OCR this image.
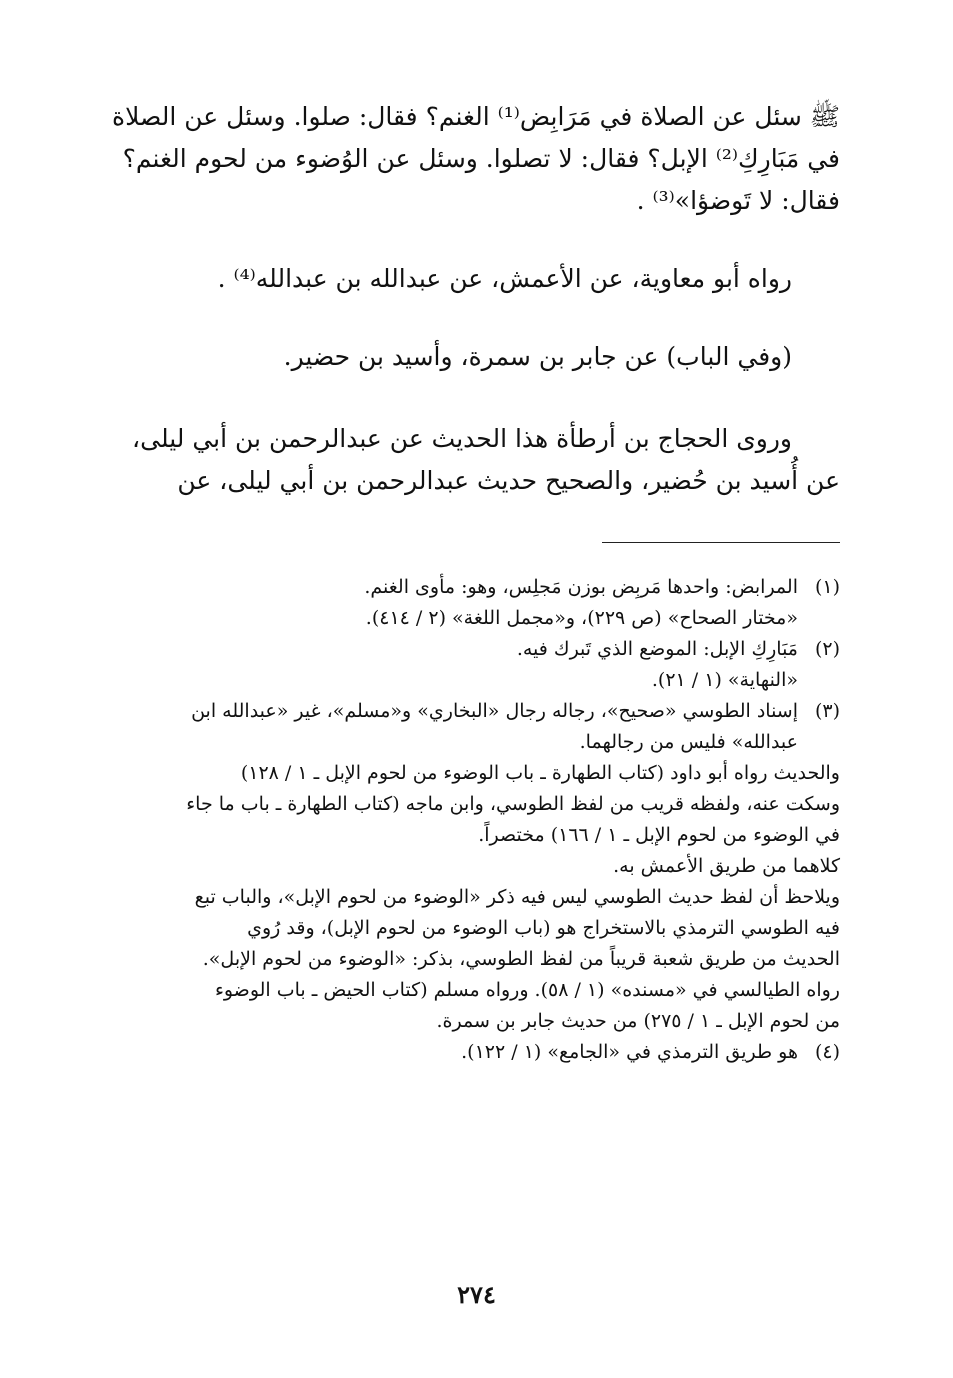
ﷺ سئل عن الصلاة في مَرَابِض⁽¹⁾ الغنم؟ فقال: صلوا. وسئل عن الصلاة

في مَبَارِكِ⁽²⁾ الإبل؟ فقال: لا تصلوا. وسئل عن الوُضوء من لحوم الغنم؟

فقال: لا تَوضؤا»⁽³⁾ .

رواه أبو معاوية، عن الأعمش، عن عبدالله بن عبدالله⁽⁴⁾ .

(وفي الباب) عن جابر بن سمرة، وأسيد بن حضير.

وروى الحجاج بن أرطأة هذا الحديث عن عبدالرحمن بن أبي ليلى،

عن أُسيد بن حُضير، والصحيح حديث عبدالرحمن بن أبي ليلى، عن

(١)المرابض: واحدها مَربِض بوزن مَجلِس، وهو: مأوى الغنم.

«مختار الصحاح» (ص ٢٢٩)، و«مجمل اللغة» (٢ / ٤١٤).

(٢)مَبَارِكِ الإبل: الموضع الذي تَبرك فيه.

«النهاية» (١ / ٢١).

(٣)إسناد الطوسي «صحيح»، رجاله رجال «البخاري» و«مسلم»، غير «عبدالله ابن

عبدالله» فليس من رجالهما.

والحديث رواه أبو داود (كتاب الطهارة ـ باب الوضوء من لحوم الإبل ـ ١ / ١٢٨)

وسكت عنه، ولفظه قريب من لفظ الطوسي، وابن ماجه (كتاب الطهارة ـ باب ما جاء

في الوضوء من لحوم الإبل ـ ١ / ١٦٦) مختصراً.

كلاهما من طريق الأعمش به.

ويلاحظ أن لفظ حديث الطوسي ليس فيه ذكر «الوضوء من لحوم الإبل»، والباب تبع

فيه الطوسي الترمذي بالاستخراج هو (باب الوضوء من لحوم الإبل)، وقد رُوي

الحديث من طريق شعبة قريباً من لفظ الطوسي، بذكر: «الوضوء من لحوم الإبل».

رواه الطيالسي في «مسنده» (١ / ٥٨). ورواه مسلم (كتاب الحيض ـ باب الوضوء

من لحوم الإبل ـ ١ / ٢٧٥) من حديث جابر بن سمرة.

(٤)هو طريق الترمذي في «الجامع» (١ / ١٢٢).

٢٧٤
